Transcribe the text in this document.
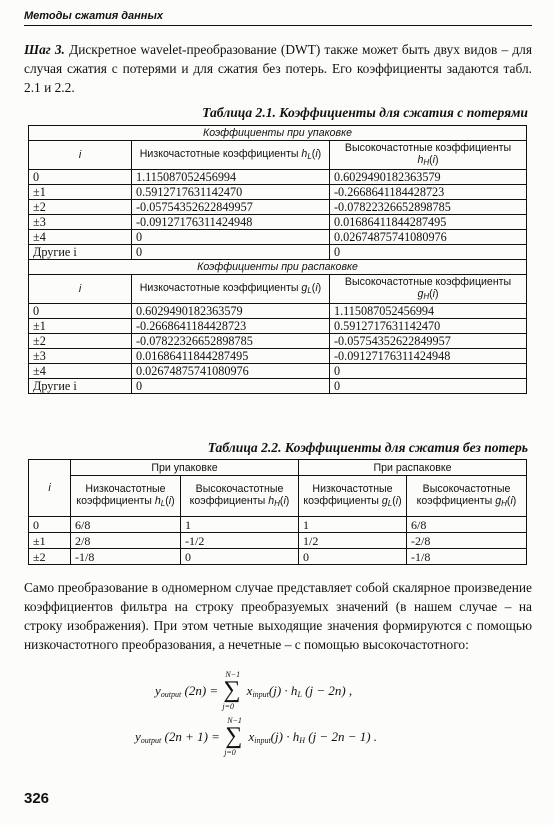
Методы сжатия данных

Шаг 3. Дискретное wavelet-преобразование (DWT) также может быть двух видов – для случая сжатия с потерями и для сжатия без потерь. Его коэффициенты задаются табл. 2.1 и 2.2.

Таблица 2.1. Коэффициенты для сжатия с потерями
Коэффициенты при упаковке		
i	Низкочастотные коэффициенты $h_L(i)$	Высокочастотные коэффициенты $h_H(i)$
0	1.115087052456994	0.6029490182363579
±1	0.5912717631142470	-0.2668641184428723
±2	-0.05754352622849957	-0.07822326652898785
±3	-0.09127176311424948	0.01686411844287495
±4	0	0.02674875741080976
Другие i	0	0
Коэффициенты при распаковке		
i	Низкочастотные коэффициенты $g_L(i)$	Высокочастотные коэффициенты $g_H(i)$
0	0.6029490182363579	1.115087052456994
±1	-0.2668641184428723	0.5912717631142470
±2	-0.07822326652898785	-0.05754352622849957
±3	0.01686411844287495	-0.09127176311424948
±4	0.02674875741080976	0
Другие i	0	0
Таблица 2.2. Коэффициенты для сжатия без потерь
i	При упаковке		При распаковке	
	Низкочастотные коэффициенты $h_L(i)$	Высокочастотные коэффициенты $h_H(i)$	Низкочастотные коэффициенты $g_L(i)$	Высокочастотные коэффициенты $g_H(i)$
0	6/8	1	1	6/8
±1	2/8	-1/2	1/2	-2/8
±2	-1/8	0	0	-1/8

Само преобразование в одномерном случае представляет собой скалярное произведение коэффициентов фильтра на строку преобразуемых значений (в нашем случае – на строку изображения). При этом четные выходящие значения формируются с помощью низкочастотного преобразования, а нечетные – с помощью высокочастотного:

$y_{output}$ (2n) =
N−1
∑
j=0
$x_{input}(j) \cdot h_L$ (j − 2n) ,
$y_{output}$ (2n + 1) =
N−1
∑
j=0
$x_{input}(j) \cdot h_H$ (j − 2n − 1) .
326
